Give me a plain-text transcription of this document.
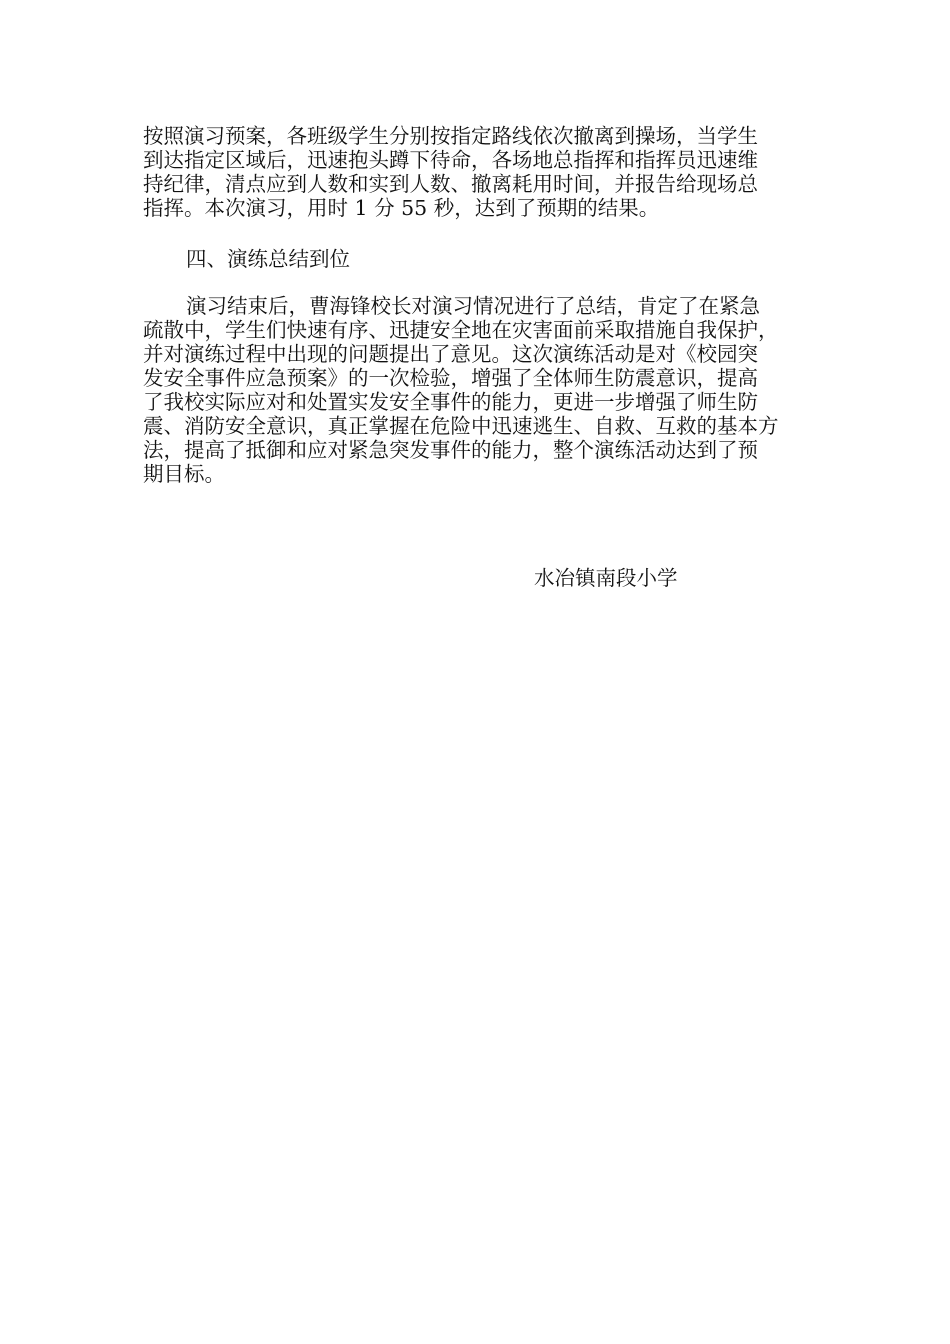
按照演习预案，各班级学生分别按指定路线依次撤离到操场，当学生
到达指定区域后，迅速抱头蹲下待命，各场地总指挥和指挥员迅速维
持纪律，清点应到人数和实到人数、撤离耗用时间，并报告给现场总
指挥。本次演习，用时 1 分 55 秒，达到了预期的结果。
四、演练总结到位
演习结束后，曹海锋校长对演习情况进行了总结，肯定了在紧急
疏散中，学生们快速有序、迅捷安全地在灾害面前采取措施自我保护，
并对演练过程中出现的问题提出了意见。这次演练活动是对《校园突
发安全事件应急预案》的一次检验，增强了全体师生防震意识，提高
了我校实际应对和处置实发安全事件的能力，更进一步增强了师生防
震、消防安全意识，真正掌握在危险中迅速逃生、自救、互救的基本方
法，提高了抵御和应对紧急突发事件的能力，整个演练活动达到了预
期目标。
水冶镇南段小学
